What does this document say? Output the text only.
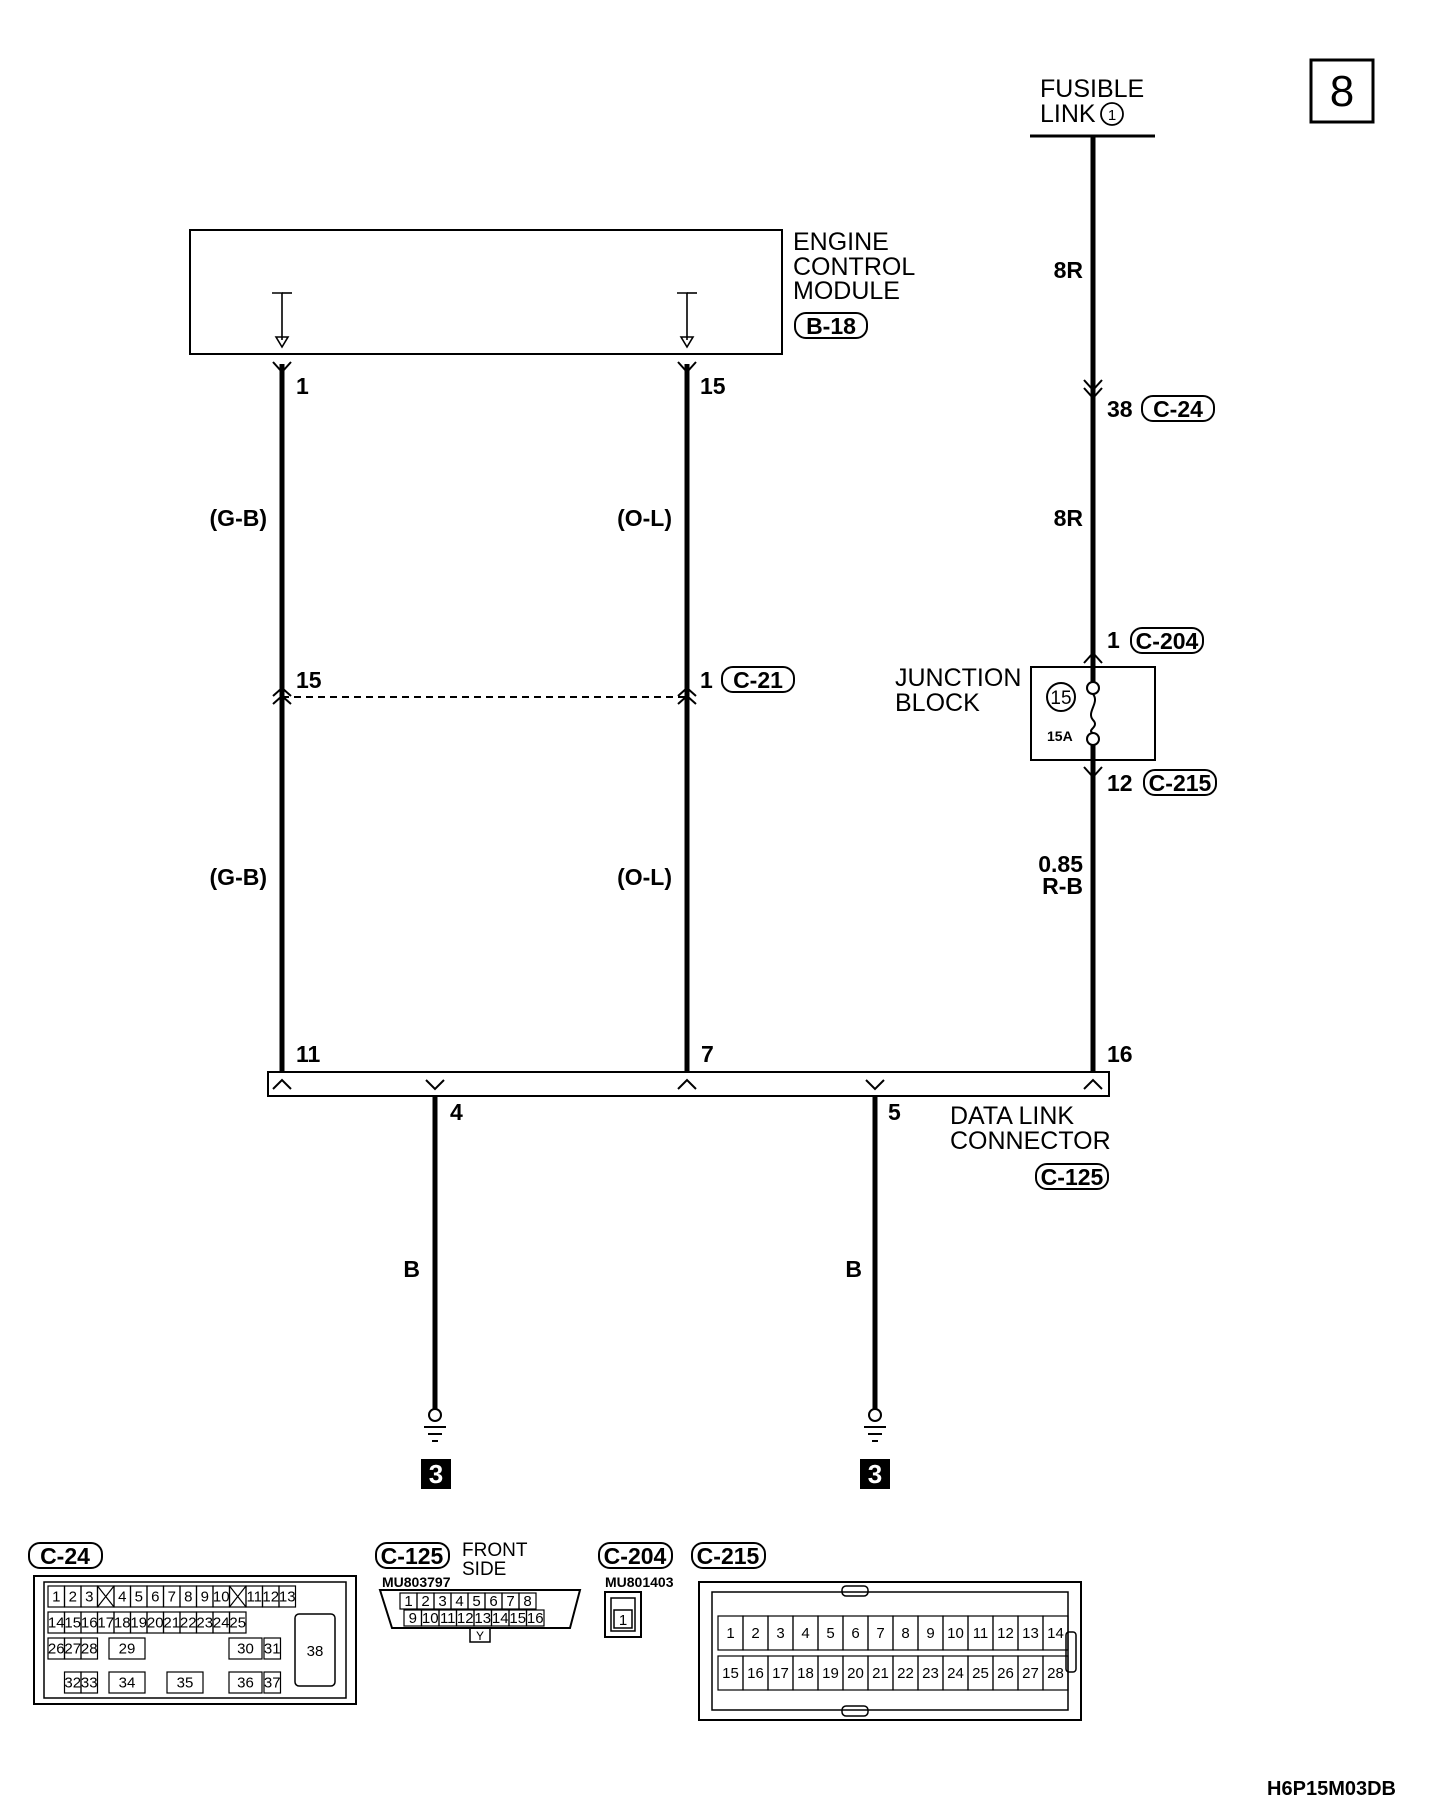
8
FUSIBLE
LINK 1
ENGINE
CONTROL
MODULE
B-18
1
(G-B)
15
(G-B)
11
15
(O-L)
1 C-21
(O-L)
7
8R
38 C-24
8R
1 C-204
12 C-215
0.85
R-B
16
15
15A
JUNCTION
BLOCK
DATA LINK
CONNECTOR
C-125
4
B
3
5
B
3
C-24
1 2 3 4 5 6 7 8 9 10 11 12 13
14 15 16 17 18 19 20 21 22 23 24 25
26 27 28 29	30 31
32 33 34	35	36 37
38
C-125 FRONT
SIDE
MU803797
1 2 3 4 5 6 7 8
9 10 11 12 13 14 15 16
Y
C-204
MU801403
1
C-215
1 2 3 4 5 6 7 8 9 10 11 12 13 14
15 16 17 18 19 20 21 22 23 24 25 26 27 28
H6P15M03DB
